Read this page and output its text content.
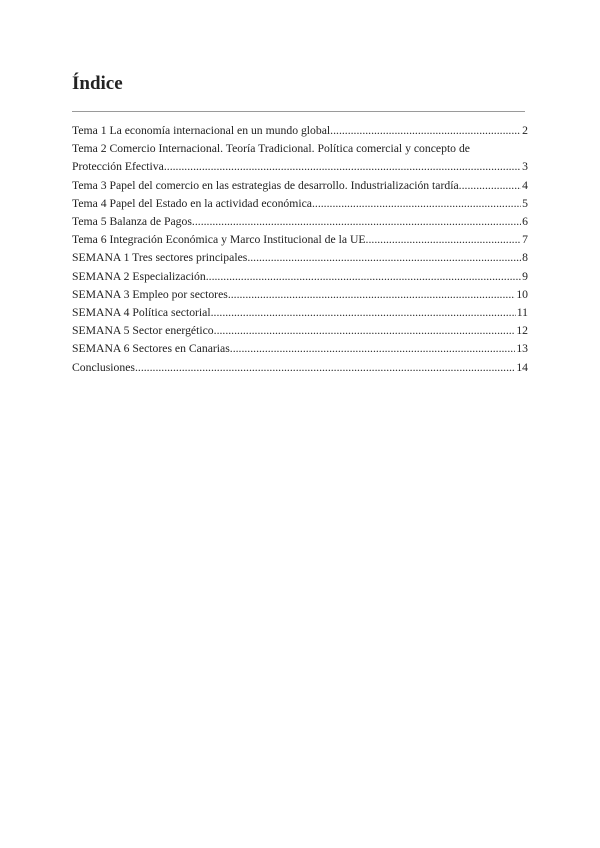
Índice
Tema 1 La economía internacional en un mundo global .....	2
Tema 2 Comercio Internacional. Teoría Tradicional. Política comercial y concepto de
Protección Efectiva .....	3
Tema 3 Papel del comercio en las estrategias de desarrollo. Industrialización tardía .....	4
Tema 4 Papel del Estado en la actividad económica .....	5
Tema 5 Balanza de Pagos .....	6
Tema 6 Integración Económica y Marco Institucional de la UE .....	7
SEMANA 1 Tres sectores principales .....	8
SEMANA 2 Especialización .....	9
SEMANA 3 Empleo por sectores .....	10
SEMANA 4 Política sectorial .....	11
SEMANA 5 Sector energético .....	12
SEMANA 6 Sectores en Canarias .....	13
Conclusiones .....	14
